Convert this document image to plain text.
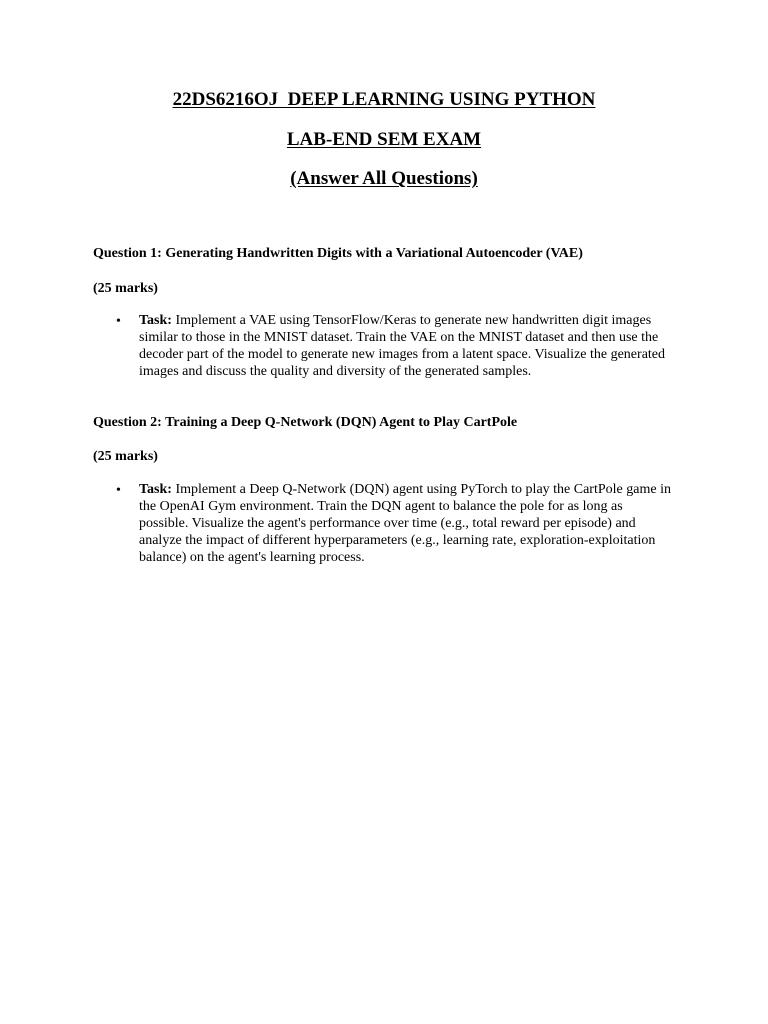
22DS6216OJ  DEEP LEARNING USING PYTHON
LAB-END SEM EXAM
(Answer All Questions)
Question 1: Generating Handwritten Digits with a Variational Autoencoder (VAE)
(25 marks)
• Task: Implement a VAE using TensorFlow/Keras to generate new handwritten digit images similar to those in the MNIST dataset. Train the VAE on the MNIST dataset and then use the decoder part of the model to generate new images from a latent space. Visualize the generated images and discuss the quality and diversity of the generated samples.
Question 2: Training a Deep Q-Network (DQN) Agent to Play CartPole
(25 marks)
• Task: Implement a Deep Q-Network (DQN) agent using PyTorch to play the CartPole game in the OpenAI Gym environment. Train the DQN agent to balance the pole for as long as possible. Visualize the agent's performance over time (e.g., total reward per episode) and analyze the impact of different hyperparameters (e.g., learning rate, exploration-exploitation balance) on the agent's learning process.
